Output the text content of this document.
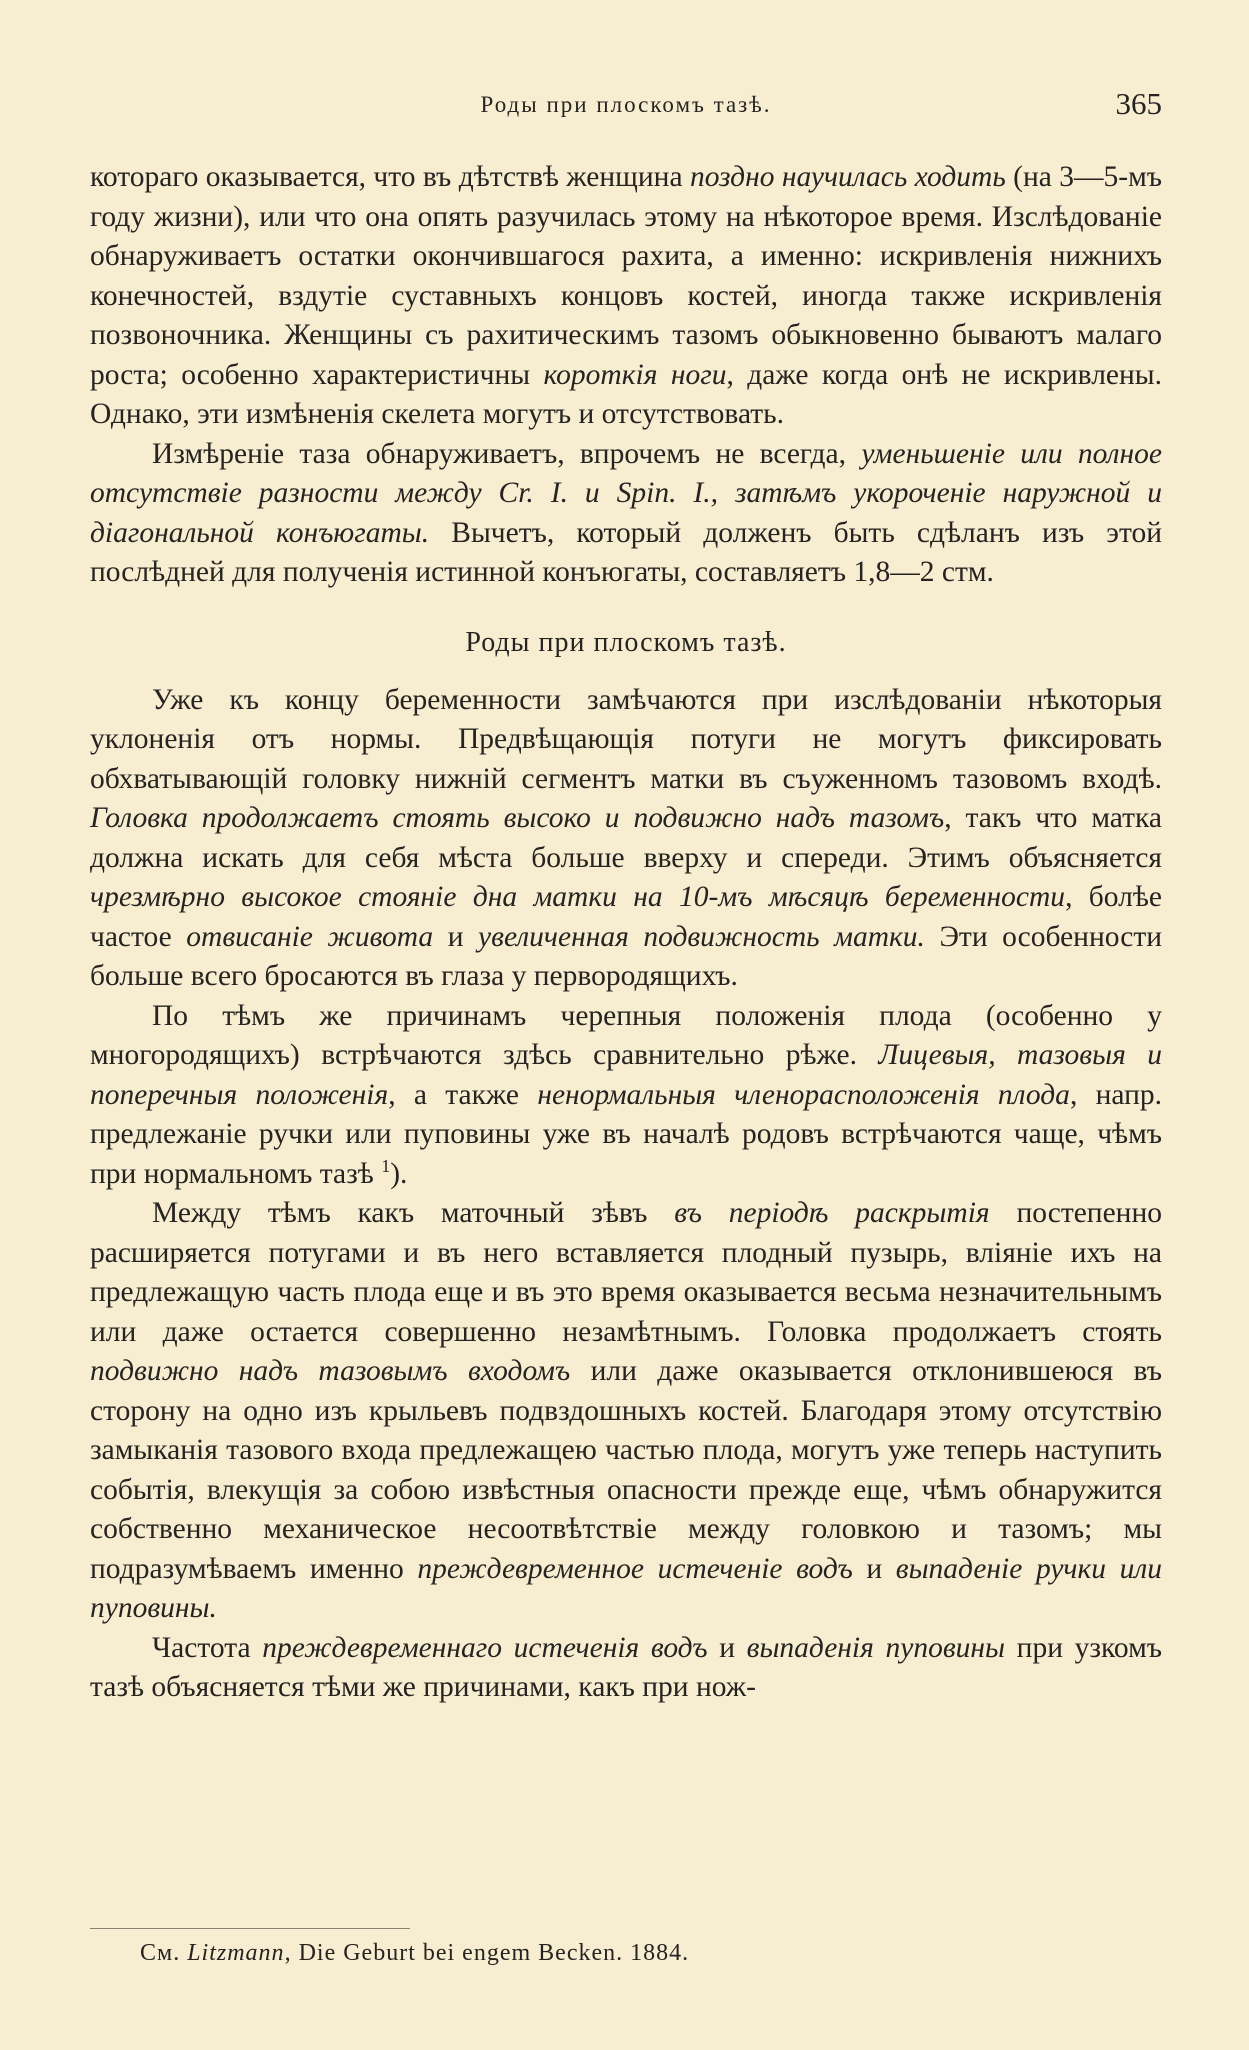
Роды при плоскомъ тазѣ.	365

котораго оказывается, что въ дѣтствѣ женщина поздно научилась ходить (на 3—5-мъ году жизни), или что она опять разучилась этому на нѣкоторое время. Изслѣдованіе обнаруживаетъ остатки окончившагося рахита, а именно: искривленія нижнихъ конечностей, вздутіе суставныхъ концовъ костей, иногда также искривленія позвоночника. Женщины съ рахитическимъ тазомъ обыкновенно бываютъ малаго роста; особенно характеристичны короткія ноги, даже когда онѣ не искривлены. Однако, эти измѣненія скелета могутъ и отсутствовать.

Измѣреніе таза обнаруживаетъ, впрочемъ не всегда, уменьшеніе или полное отсутствіе разности между Cr. I. и Spin. I., затѣмъ укороченіе наружной и діагональной конъюгаты. Вычетъ, который долженъ быть сдѣланъ изъ этой послѣдней для полученія истинной конъюгаты, составляетъ 1,8—2 стм.

Роды при плоскомъ тазѣ.

Уже къ концу беременности замѣчаются при изслѣдованіи нѣкоторыя уклоненія отъ нормы. Предвѣщающія потуги не могутъ фиксировать обхватывающій головку нижній сегментъ матки въ съуженномъ тазовомъ входѣ. Головка продолжаетъ стоять высоко и подвижно надъ тазомъ, такъ что матка должна искать для себя мѣста больше вверху и спереди. Этимъ объясняется чрезмѣрно высокое стояніе дна матки на 10-мъ мѣсяцѣ беременности, болѣе частое отвисаніе живота и увеличенная подвижность матки. Эти особенности больше всего бросаются въ глаза у первородящихъ.

По тѣмъ же причинамъ черепныя положенія плода (особенно у многородящихъ) встрѣчаются здѣсь сравнительно рѣже. Лицевыя, тазовыя и поперечныя положенія, а также ненормальныя членорасположенія плода, напр. предлежаніе ручки или пуповины уже въ началѣ родовъ встрѣчаются чаще, чѣмъ при нормальномъ тазѣ $^1$).

Между тѣмъ какъ маточный зѣвъ въ періодѣ раскрытія постепенно расширяется потугами и въ него вставляется плодный пузырь, вліяніе ихъ на предлежащую часть плода еще и въ это время оказывается весьма незначительнымъ или даже остается совершенно незамѣтнымъ. Головка продолжаетъ стоять подвижно надъ тазовымъ входомъ или даже оказывается отклонившеюся въ сторону на одно изъ крыльевъ подвздошныхъ костей. Благодаря этому отсутствію замыканія тазового входа предлежащею частью плода, могутъ уже теперь наступить событія, влекущія за собою извѣстныя опасности прежде еще, чѣмъ обнаружится собственно механическое несоотвѣтствіе между головкою и тазомъ; мы подразумѣваемъ именно преждевременное истеченіе водъ и выпаденіе ручки или пуповины.

Частота преждевременнаго истеченія водъ и выпаденія пуповины при узкомъ тазѣ объясняется тѣми же причинами, какъ при нож-

См. Litzmann, Die Geburt bei engem Becken. 1884.
